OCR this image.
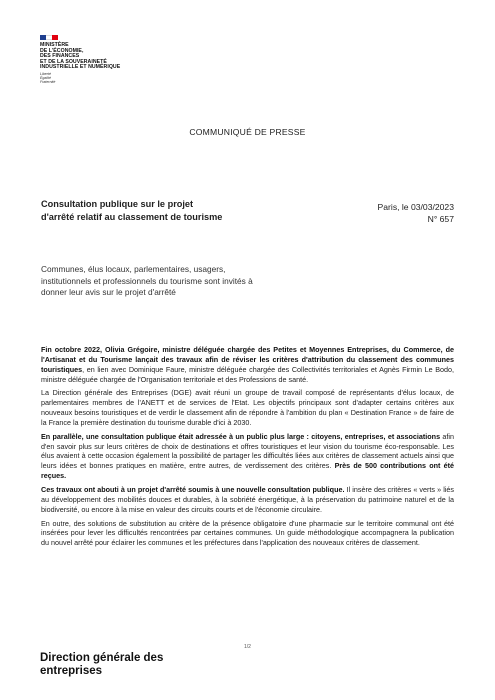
MINISTÈRE
DE L'ÉCONOMIE,
DES FINANCES
ET DE LA SOUVERAINETÉ
INDUSTRIELLE ET NUMÉRIQUE
Liberté
Égalité
Fraternité
COMMUNIQUÉ DE PRESSE
Consultation publique sur le projet
d'arrêté relatif au classement de tourisme
Paris, le 03/03/2023
N° 657
Communes, élus locaux, parlementaires, usagers, institutionnels et professionnels du tourisme sont invités à donner leur avis sur le projet d'arrêté

Fin octobre 2022, Olivia Grégoire, ministre déléguée chargée des Petites et Moyennes Entreprises, du Commerce, de l'Artisanat et du Tourisme lançait des travaux afin de réviser les critères d'attribution du classement des communes touristiques, en lien avec Dominique Faure, ministre déléguée chargée des Collectivités territoriales et Agnès Firmin Le Bodo, ministre déléguée chargée de l'Organisation territoriale et des Professions de santé.

La Direction générale des Entreprises (DGE) avait réuni un groupe de travail composé de représentants d'élus locaux, de parlementaires membres de l'ANETT et de services de l'Etat. Les objectifs principaux sont d'adapter certains critères aux nouveaux besoins touristiques et de verdir le classement afin de répondre à l'ambition du plan « Destination France » de faire de la France la première destination du tourisme durable d'ici à 2030.

En parallèle, une consultation publique était adressée à un public plus large : citoyens, entreprises, et associations afin d'en savoir plus sur leurs critères de choix de destinations et offres touristiques et leur vision du tourisme éco-responsable. Les élus avaient à cette occasion également la possibilité de partager les difficultés liées aux critères de classement actuels ainsi que leurs idées et bonnes pratiques en matière, entre autres, de verdissement des critères. Près de 500 contributions ont été reçues.

Ces travaux ont abouti à un projet d'arrêté soumis à une nouvelle consultation publique. Il insère des critères « verts » liés au développement des mobilités douces et durables, à la sobriété énergétique, à la préservation du patrimoine naturel et de la biodiversité, ou encore à la mise en valeur des circuits courts et de l'économie circulaire.

En outre, des solutions de substitution au critère de la présence obligatoire d'une pharmacie sur le territoire communal ont été insérées pour lever les difficultés rencontrées par certaines communes. Un guide méthodologique accompagnera la publication du nouvel arrêté pour éclairer les communes et les préfectures dans l'application des nouveaux critères de classement.

1/2
Direction générale des
entreprises
